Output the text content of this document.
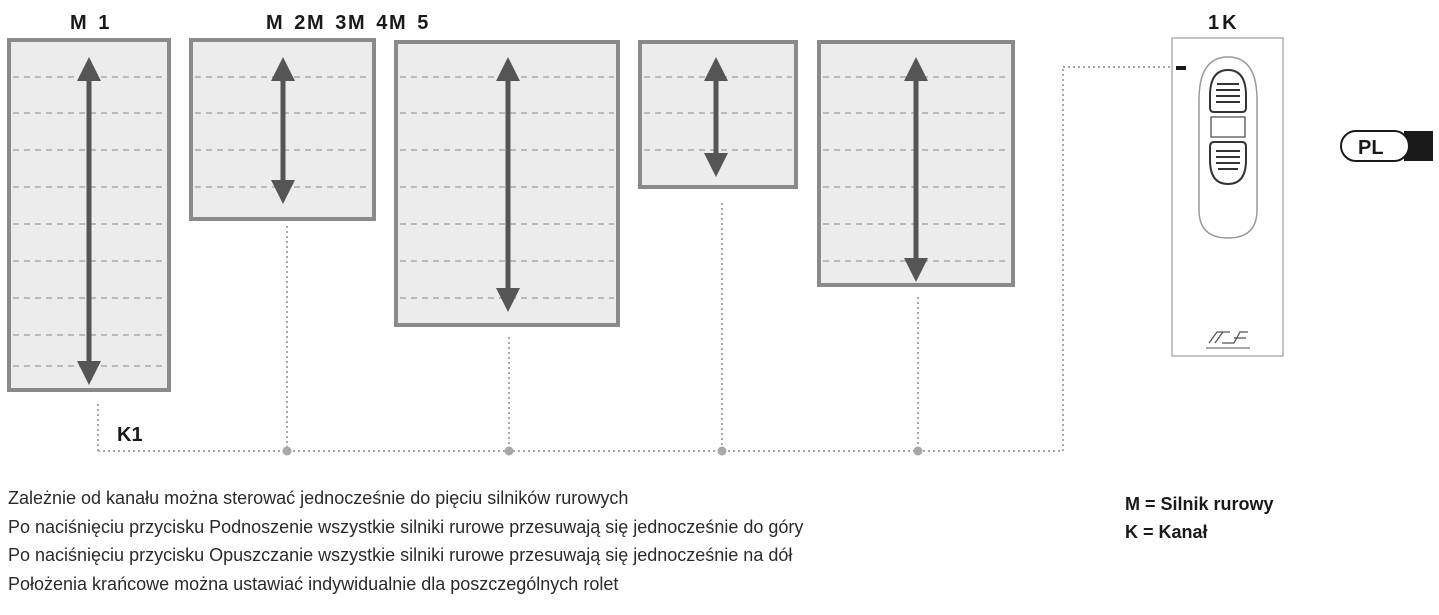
M 1	M 2
M 3
M 4
M 5	1K
K1
PL
Zależnie od kanału można sterować jednocześnie do pięciu silników rurowych
Po naciśnięciu przycisku Podnoszenie wszystkie silniki rurowe przesuwają się jednocześnie do góry
Po naciśnięciu przycisku Opuszczanie wszystkie silniki rurowe przesuwają się jednocześnie na dół
Położenia krańcowe można ustawiać indywidualnie dla poszczególnych rolet
M = Silnik rurowy
K = Kanał
